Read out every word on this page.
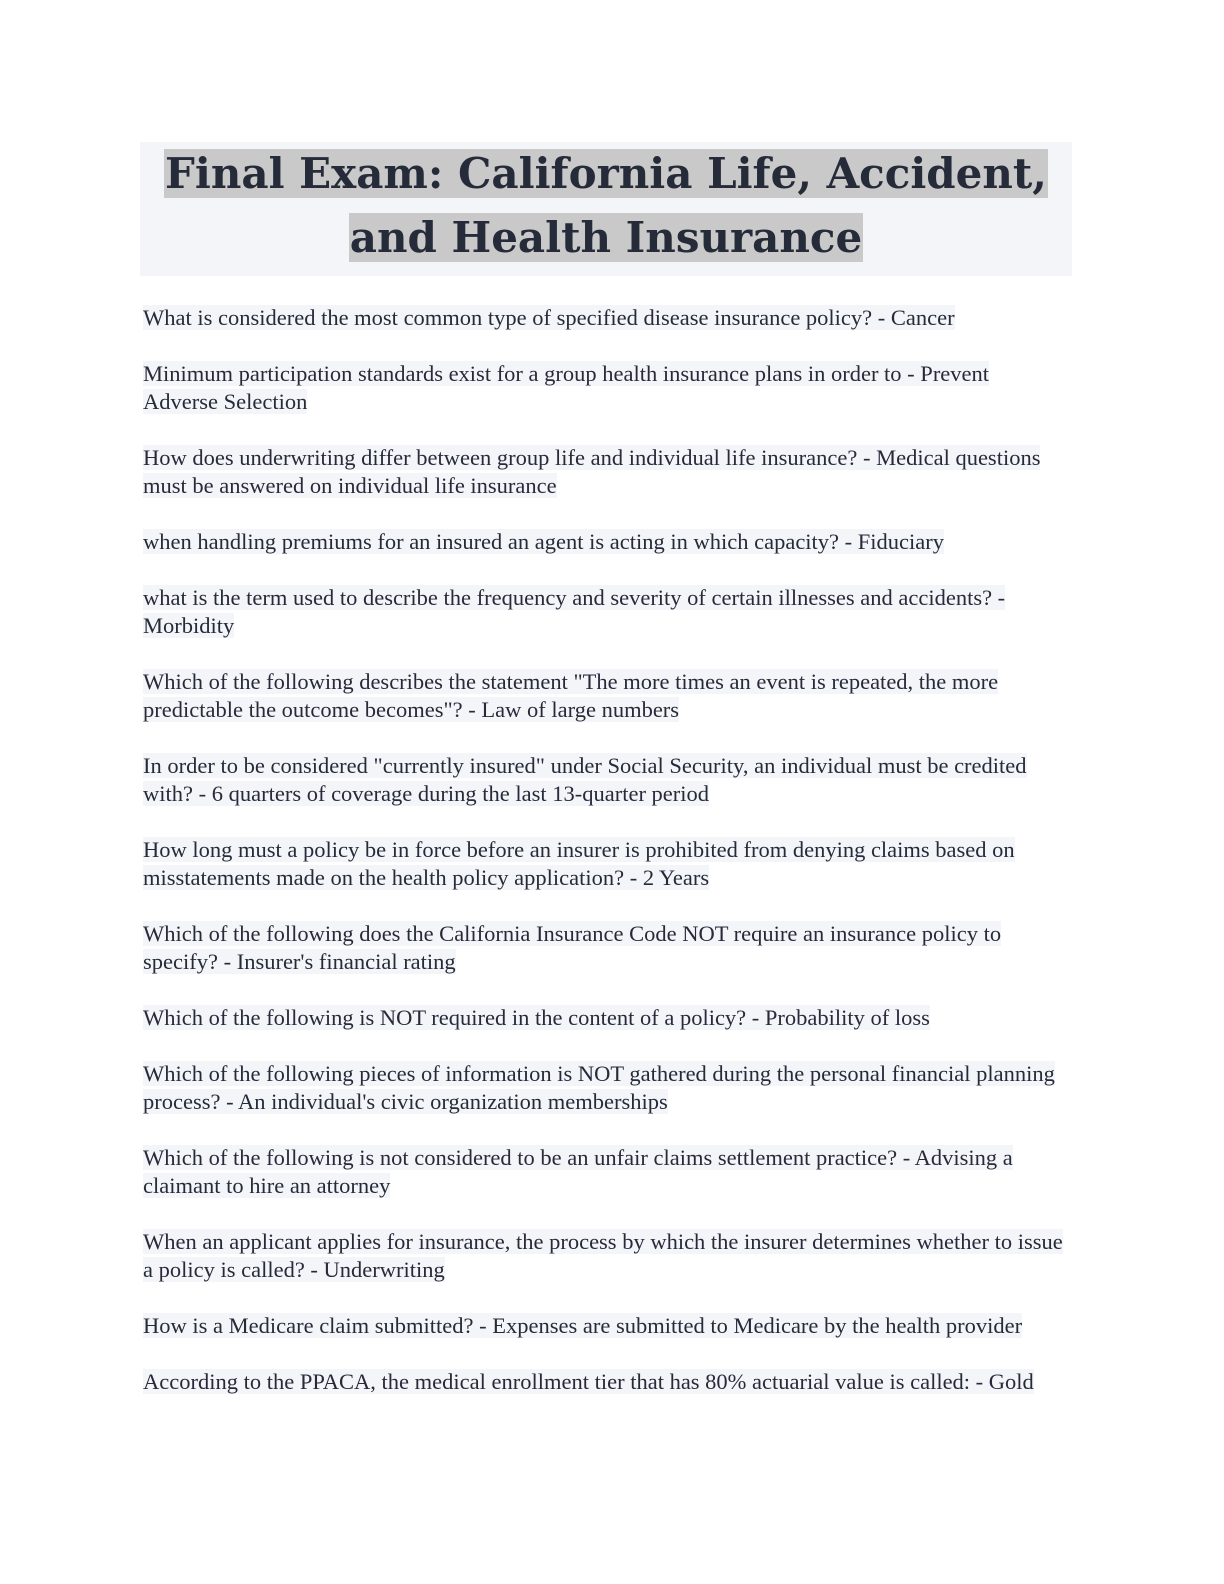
Final Exam: California Life, Accident, and Health Insurance

What is considered the most common type of specified disease insurance policy? - Cancer

Minimum participation standards exist for a group health insurance plans in order to - Prevent Adverse Selection

How does underwriting differ between group life and individual life insurance? - Medical questions must be answered on individual life insurance

when handling premiums for an insured an agent is acting in which capacity? - Fiduciary

what is the term used to describe the frequency and severity of certain illnesses and accidents? - Morbidity

Which of the following describes the statement "The more times an event is repeated, the more predictable the outcome becomes"? - Law of large numbers

In order to be considered "currently insured" under Social Security, an individual must be credited with? - 6 quarters of coverage during the last 13-quarter period

How long must a policy be in force before an insurer is prohibited from denying claims based on misstatements made on the health policy application? - 2 Years

Which of the following does the California Insurance Code NOT require an insurance policy to specify? - Insurer's financial rating

Which of the following is NOT required in the content of a policy? - Probability of loss

Which of the following pieces of information is NOT gathered during the personal financial planning process? - An individual's civic organization memberships

Which of the following is not considered to be an unfair claims settlement practice? - Advising a claimant to hire an attorney

When an applicant applies for insurance, the process by which the insurer determines whether to issue a policy is called? - Underwriting

How is a Medicare claim submitted? - Expenses are submitted to Medicare by the health provider

According to the PPACA, the medical enrollment tier that has 80% actuarial value is called: - Gold
